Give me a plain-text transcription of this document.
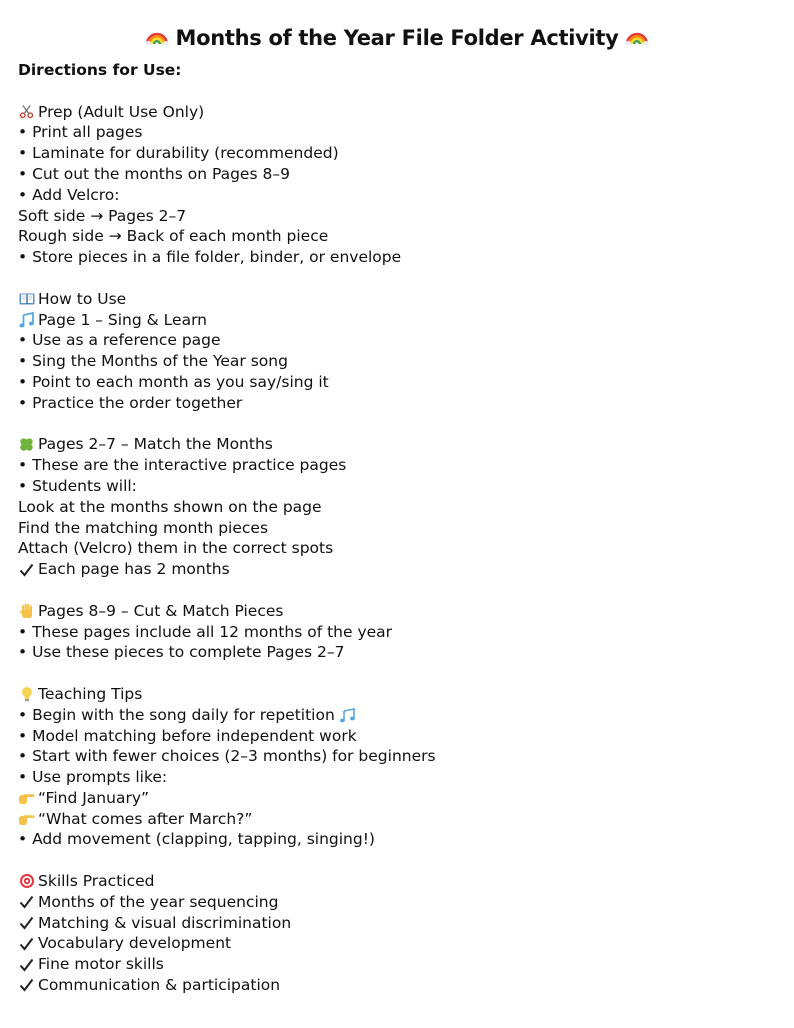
Months of the Year File Folder Activity
Directions for Use:
Prep (Adult Use Only)
• Print all pages
• Laminate for durability (recommended)
• Cut out the months on Pages 8–9
• Add Velcro:
Soft side → Pages 2–7
Rough side → Back of each month piece
• Store pieces in a file folder, binder, or envelope
How to Use
Page 1 – Sing & Learn
• Use as a reference page
• Sing the Months of the Year song
• Point to each month as you say/sing it
• Practice the order together
Pages 2–7 – Match the Months
• These are the interactive practice pages
• Students will:
Look at the months shown on the page
Find the matching month pieces
Attach (Velcro) them in the correct spots
Each page has 2 months
Pages 8–9 – Cut & Match Pieces
• These pages include all 12 months of the year
• Use these pieces to complete Pages 2–7
Teaching Tips
• Begin with the song daily for repetition
• Model matching before independent work
• Start with fewer choices (2–3 months) for beginners
• Use prompts like:
“Find January”
“What comes after March?”
• Add movement (clapping, tapping, singing!)
Skills Practiced
Months of the year sequencing
Matching & visual discrimination
Vocabulary development
Fine motor skills
Communication & participation
